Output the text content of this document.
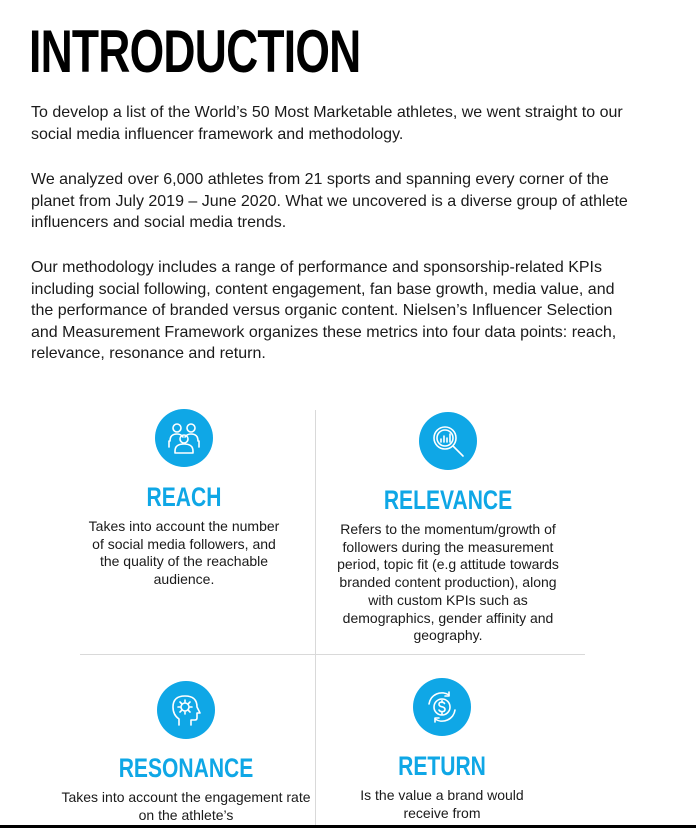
INTRODUCTION

To develop a list of the World’s 50 Most Marketable athletes, we went straight to our social media influencer framework and methodology.

We analyzed over 6,000 athletes from 21 sports and spanning every corner of the planet from July 2019 – June 2020. What we uncovered is a diverse group of athlete influencers and social media trends.

Our methodology includes a range of performance and sponsorship-related KPIs including social following, content engagement, fan base growth, media value, and the performance of branded versus organic content. Nielsen’s Influencer Selection and Measurement Framework organizes these metrics into four data points: reach, relevance, resonance and return.

REACH

Takes into account the number of social media followers, and the quality of the reachable audience.

RELEVANCE

Refers to the momentum/growth of followers during the measurement period, topic fit (e.g attitude towards branded content production), along with custom KPIs such as demographics, gender affinity and geography.

RESONANCE

Takes into account the engagement rate on the athlete’s

RETURN

Is the value a brand would receive from
